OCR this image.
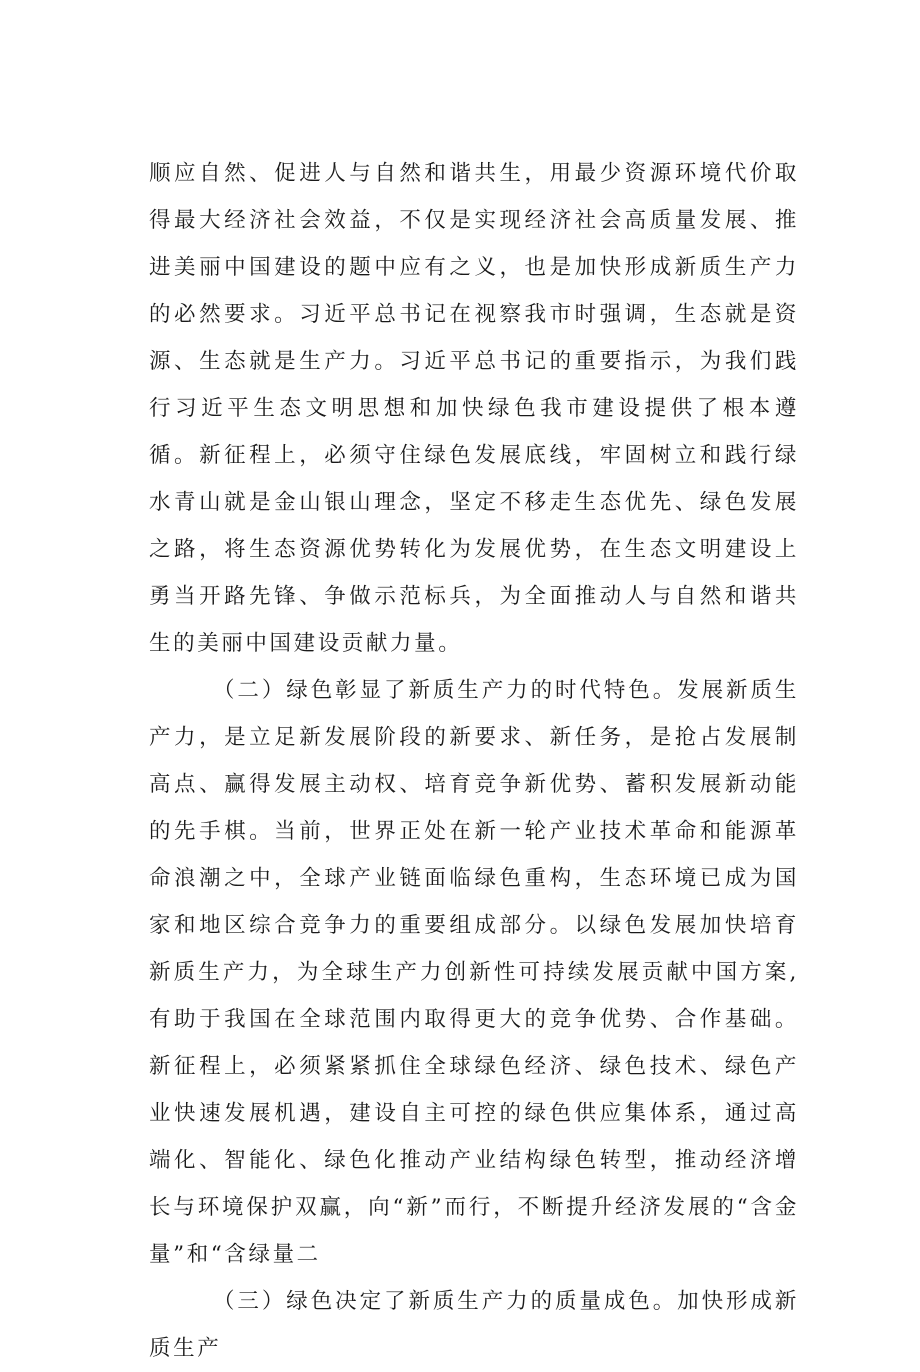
顺应自然、促进人与自然和谐共生，用最少资源环境代价取得最大经济社会效益，不仅是实现经济社会高质量发展、推进美丽中国建设的题中应有之义，也是加快形成新质生产力的必然要求。习近平总书记在视察我市时强调，生态就是资源、生态就是生产力。习近平总书记的重要指示，为我们践行习近平生态文明思想和加快绿色我市建设提供了根本遵循。新征程上，必须守住绿色发展底线，牢固树立和践行绿水青山就是金山银山理念，坚定不移走生态优先、绿色发展之路，将生态资源优势转化为发展优势，在生态文明建设上勇当开路先锋、争做示范标兵，为全面推动人与自然和谐共生的美丽中国建设贡献力量。

（二）绿色彰显了新质生产力的时代特色。发展新质生产力，是立足新发展阶段的新要求、新任务，是抢占发展制高点、赢得发展主动权、培育竞争新优势、蓄积发展新动能的先手棋。当前，世界正处在新一轮产业技术革命和能源革命浪潮之中，全球产业链面临绿色重构，生态环境已成为国家和地区综合竞争力的重要组成部分。以绿色发展加快培育新质生产力，为全球生产力创新性可持续发展贡献中国方案,有助于我国在全球范围内取得更大的竞争优势、合作基础。新征程上，必须紧紧抓住全球绿色经济、绿色技术、绿色产业快速发展机遇，建设自主可控的绿色供应集体系，通过高端化、智能化、绿色化推动产业结构绿色转型，推动经济增长与环境保护双赢，向“新”而行，不断提升经济发展的“含金量”和“含绿量二

（三）绿色决定了新质生产力的质量成色。加快形成新质生产
